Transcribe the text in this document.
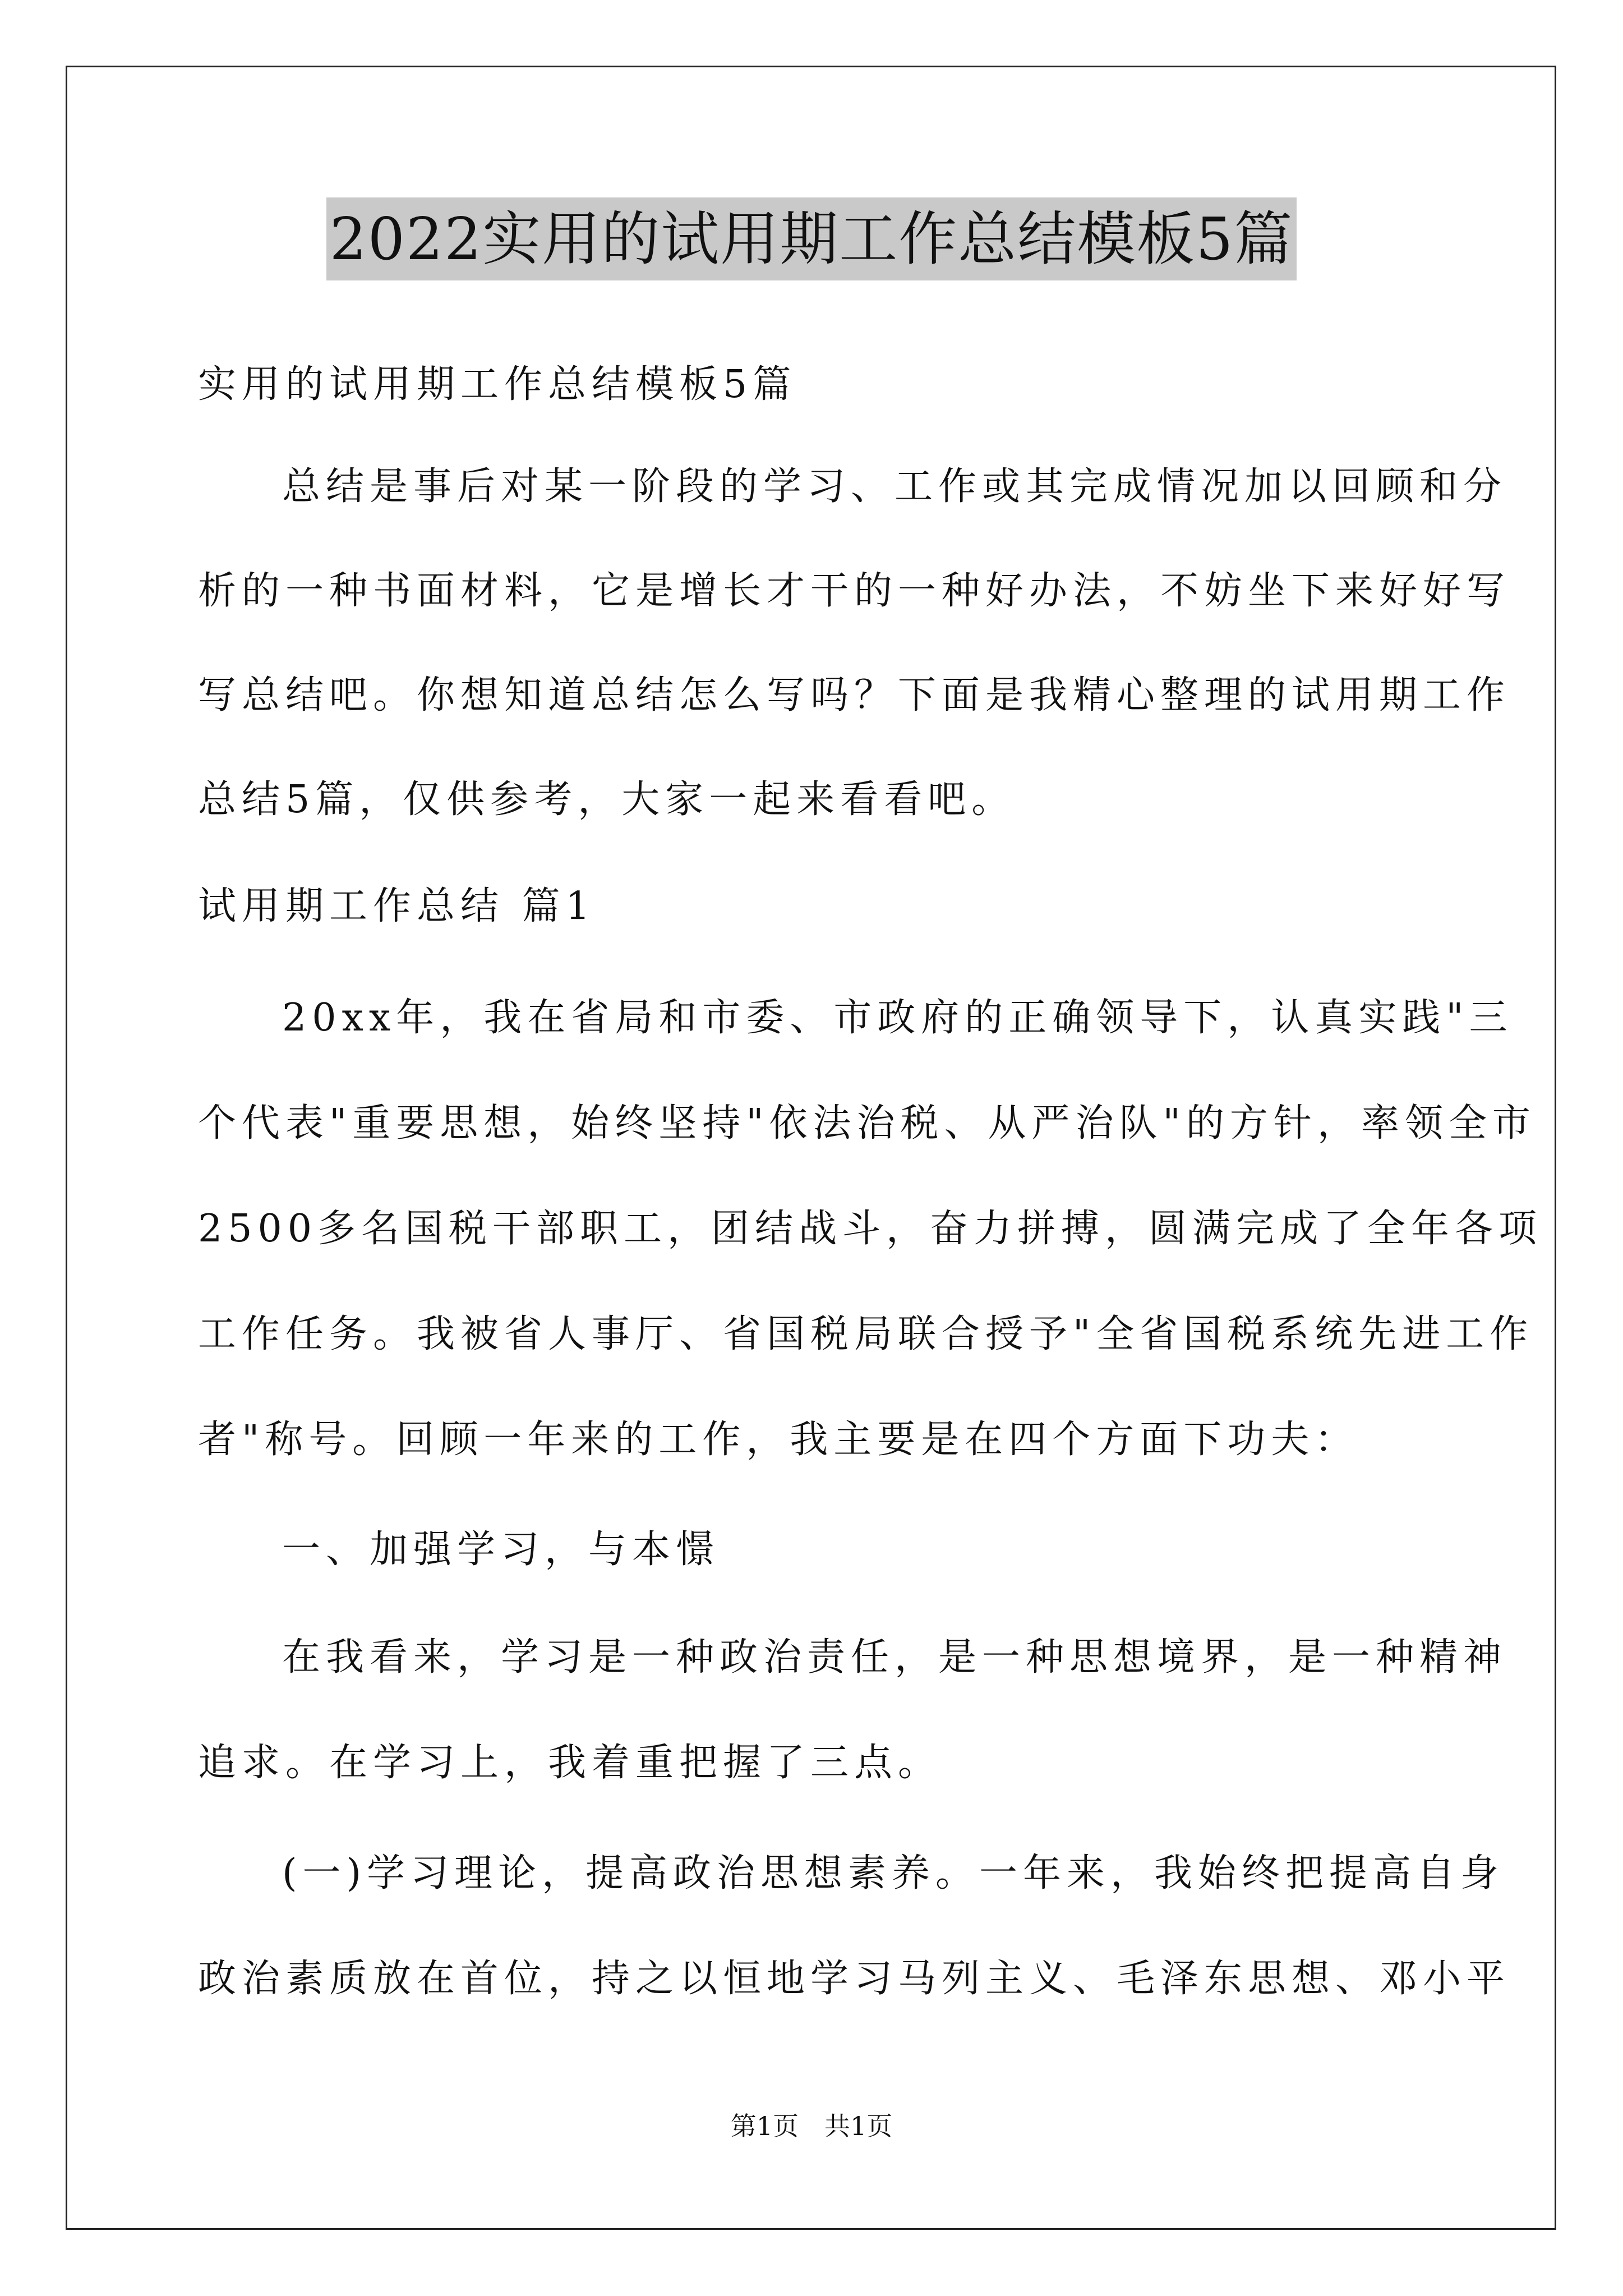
2022实用的试用期工作总结模板5篇
实用的试用期工作总结模板5篇
总结是事后对某一阶段的学习、工作或其完成情况加以回顾和分
析的一种书面材料，它是增长才干的一种好办法，不妨坐下来好好写
写总结吧。你想知道总结怎么写吗？下面是我精心整理的试用期工作
总结5篇，仅供参考，大家一起来看看吧。
试用期工作总结 篇1
20xx年，我在省局和市委、市政府的正确领导下，认真实践"三
个代表"重要思想，始终坚持"依法治税、从严治队"的方针，率领全市
2500多名国税干部职工，团结战斗，奋力拼搏，圆满完成了全年各项
工作任务。我被省人事厅、省国税局联合授予"全省国税系统先进工作
者"称号。回顾一年来的工作，我主要是在四个方面下功夫：
一、加强学习，与本憬
在我看来，学习是一种政治责任，是一种思想境界，是一种精神
追求。在学习上，我着重把握了三点。
(一)学习理论，提高政治思想素养。一年来，我始终把提高自身
政治素质放在首位，持之以恒地学习马列主义、毛泽东思想、邓小平
第1页　共1页
